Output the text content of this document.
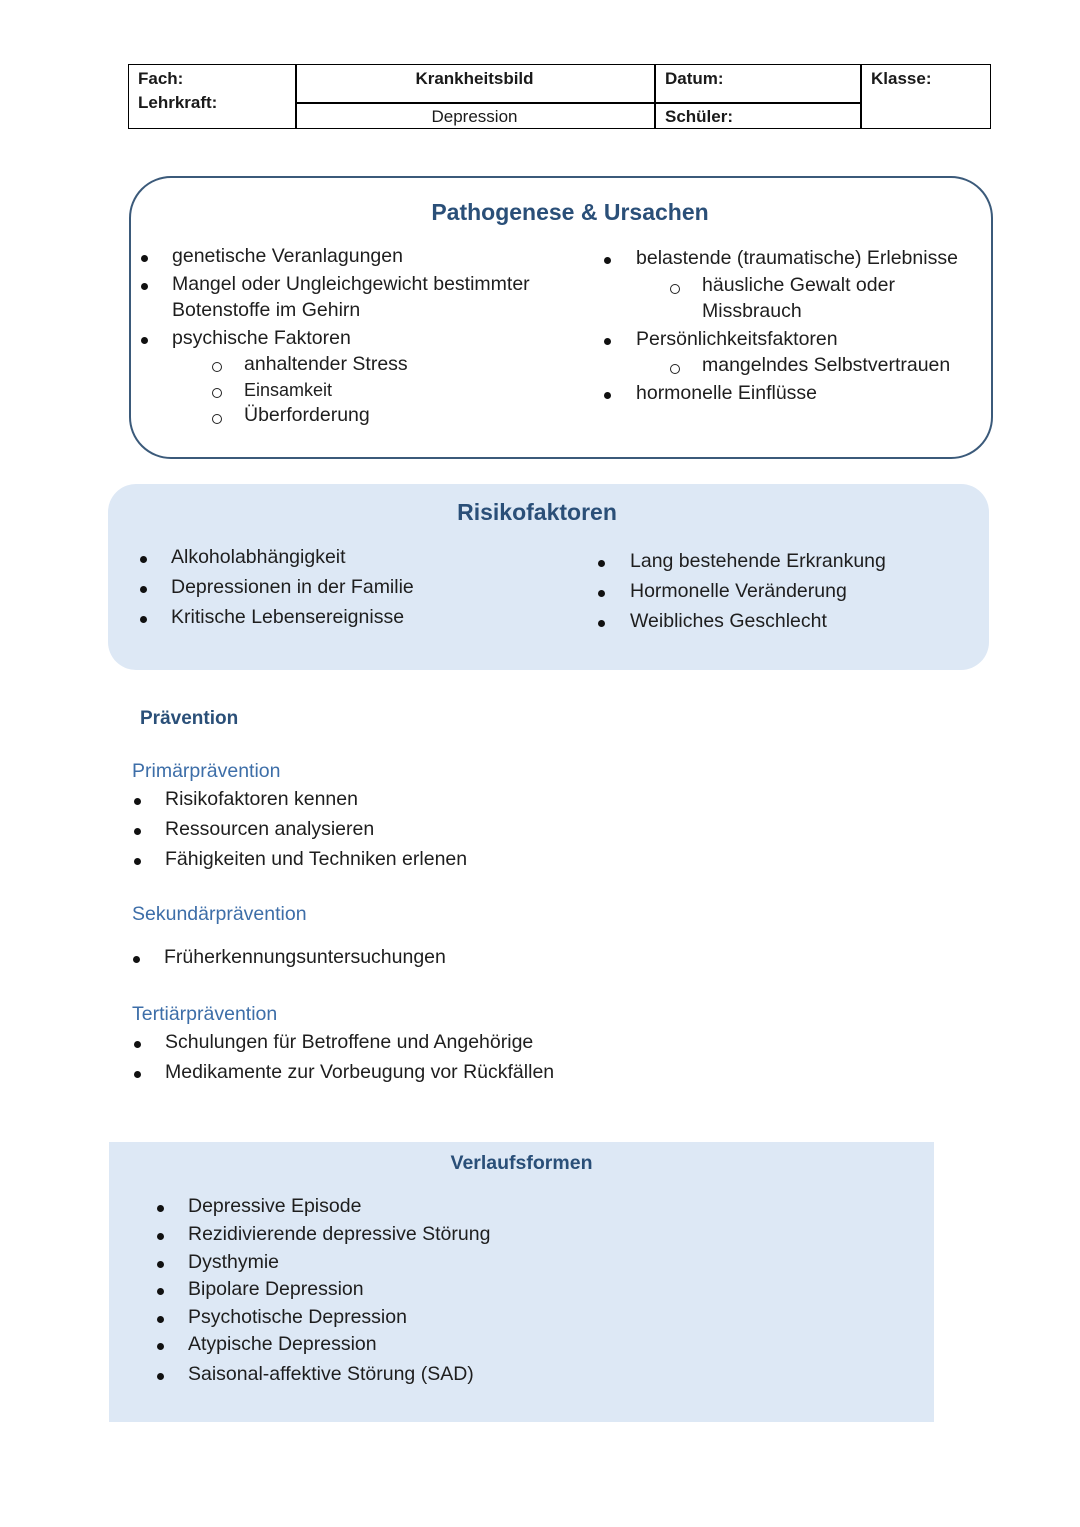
Fach:
Lehrkraft:
Krankheitsbild
Depression
Datum:
Schüler:
Klasse:
Pathogenese & Ursachen
genetische Veranlagungen
Mangel oder Ungleichgewicht bestimmter
Botenstoffe im Gehirn
psychische Faktoren
anhaltender Stress
Einsamkeit
Überforderung
belastende (traumatische) Erlebnisse
häusliche Gewalt oder
Missbrauch
Persönlichkeitsfaktoren
mangelndes Selbstvertrauen
hormonelle Einflüsse
Risikofaktoren
Alkoholabhängigkeit
Depressionen in der Familie
Kritische Lebensereignisse
Lang bestehende Erkrankung
Hormonelle Veränderung
Weibliches Geschlecht
Prävention
Primärprävention
Risikofaktoren kennen
Ressourcen analysieren
Fähigkeiten und Techniken erlenen
Sekundärprävention
Früherkennungsuntersuchungen
Tertiärprävention
Schulungen für Betroffene und Angehörige
Medikamente zur Vorbeugung vor Rückfällen
Verlaufsformen
Depressive Episode
Rezidivierende depressive Störung
Dysthymie
Bipolare Depression
Psychotische Depression
Atypische Depression
Saisonal-affektive Störung (SAD)
